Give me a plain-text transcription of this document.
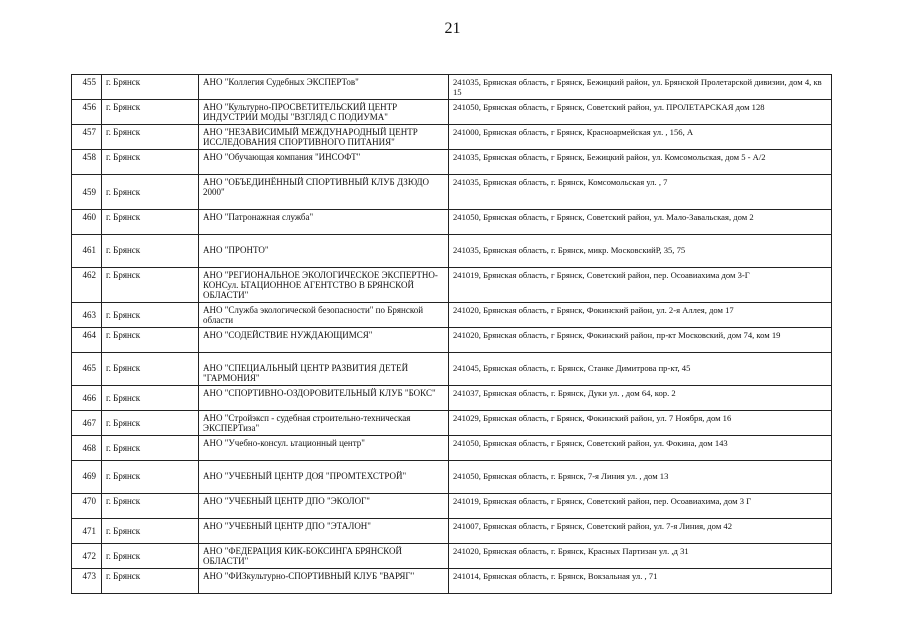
21
455	г. Брянск	АНО "Коллегия Судебных ЭКСПЕРТов"	241035, Брянская область, г Брянск, Бежицкий район, ул. Брянской Пролетарской дивизии, дом 4, кв 15
456	г. Брянск	АНО "Культурно-ПРОСВЕТИТЕЛЬСКИЙ ЦЕНТР ИНДУСТРИИ МОДЫ "ВЗГЛЯД С ПОДИУМА"	241050, Брянская область, г Брянск, Советский район, ул. ПРОЛЕТАРСКАЯ дом 128
457	г. Брянск	АНО "НЕЗАВИСИМЫЙ МЕЖДУНАРОДНЫЙ ЦЕНТР ИССЛЕДОВАНИЯ СПОРТИВНОГО ПИТАНИЯ"	241000, Брянская область, г Брянск, Красноармейская ул. , 156, А
458	г. Брянск	АНО "Обучающая компания "ИНСОФТ"	241035, Брянская область, г Брянск, Бежицкий район, ул. Комсомольская, дом 5 - А/2
459	г. Брянск	АНО "ОБЪЕДИНЁННЫЙ СПОРТИВНЫЙ КЛУБ ДЗЮДО 2000"	241035, Брянская область, г. Брянск, Комсомольская ул. , 7
460	г. Брянск	АНО "Патронажная служба"	241050, Брянская область, г Брянск, Советский район, ул. Мало-Завальская, дом 2
461	г. Брянск	АНО "ПРОНТО"	241035, Брянская область, г. Брянск, микр. МосковскийР, 35, 75
462	г. Брянск	АНО "РЕГИОНАЛЬНОЕ ЭКОЛОГИЧЕСКОЕ ЭКСПЕРТНО-КОНСул. ЬТАЦИОННОЕ АГЕНТСТВО В БРЯНСКОЙ ОБЛАСТИ"	241019, Брянская область, г Брянск, Советский район, пер. Осоавиахима дом 3-Г
463	г. Брянск	АНО "Служба экологической безопасности" по Брянской области	241020, Брянская область, г Брянск, Фокинский район, ул. 2-я Аллея, дом 17
464	г. Брянск	АНО "СОДЕЙСТВИЕ НУЖДАЮЩИМСЯ"	241020, Брянская область, г Брянск, Фокинский район, пр-кт Московский, дом 74, ком 19
465	г. Брянск	АНО "СПЕЦИАЛЬНЫЙ ЦЕНТР РАЗВИТИЯ ДЕТЕЙ "ГАРМОНИЯ"	241045, Брянская область, г. Брянск, Станке Димитрова пр-кт, 45
466	г. Брянск	АНО "СПОРТИВНО-ОЗДОРОВИТЕЛЬНЫЙ КЛУБ "БОКС"	241037, Брянская область, г. Брянск, Дуки ул. , дом 64, кор. 2
467	г. Брянск	АНО "Стройэксп - судебная строительно-техническая ЭКСПЕРТиза"	241029, Брянская область, г Брянск, Фокинский район, ул. 7 Ноября, дом 16
468	г. Брянск	АНО "Учебно-консул. ьтационный центр"	241050, Брянская область, г Брянск, Советский район, ул. Фокина, дом 143
469	г. Брянск	АНО "УЧЕБНЫЙ ЦЕНТР ДОЯ "ПРОМТЕХСТРОЙ"	241050, Брянская область, г. Брянск, 7-я Линия ул. , дом 13
470	г. Брянск	АНО "УЧЕБНЫЙ ЦЕНТР ДПО "ЭКОЛОГ"	241019, Брянская область, г Брянск, Советский район, пер. Осоавиахима, дом 3 Г
471	г. Брянск	АНО "УЧЕБНЫЙ ЦЕНТР ДПО "ЭТАЛОН"	241007, Брянская область, г Брянск, Советский район, ул. 7-я Линия, дом 42
472	г. Брянск	АНО "ФЕДЕРАЦИЯ КИК-БОКСИНГА БРЯНСКОЙ ОБЛАСТИ"	241020, Брянская область, г. Брянск, Красных Партизан ул. ,д 31
473	г. Брянск	АНО "ФИЗкультурно-СПОРТИВНЫЙ КЛУБ "ВАРЯГ"	241014, Брянская область, г. Брянск, Вокзальная ул. , 71
